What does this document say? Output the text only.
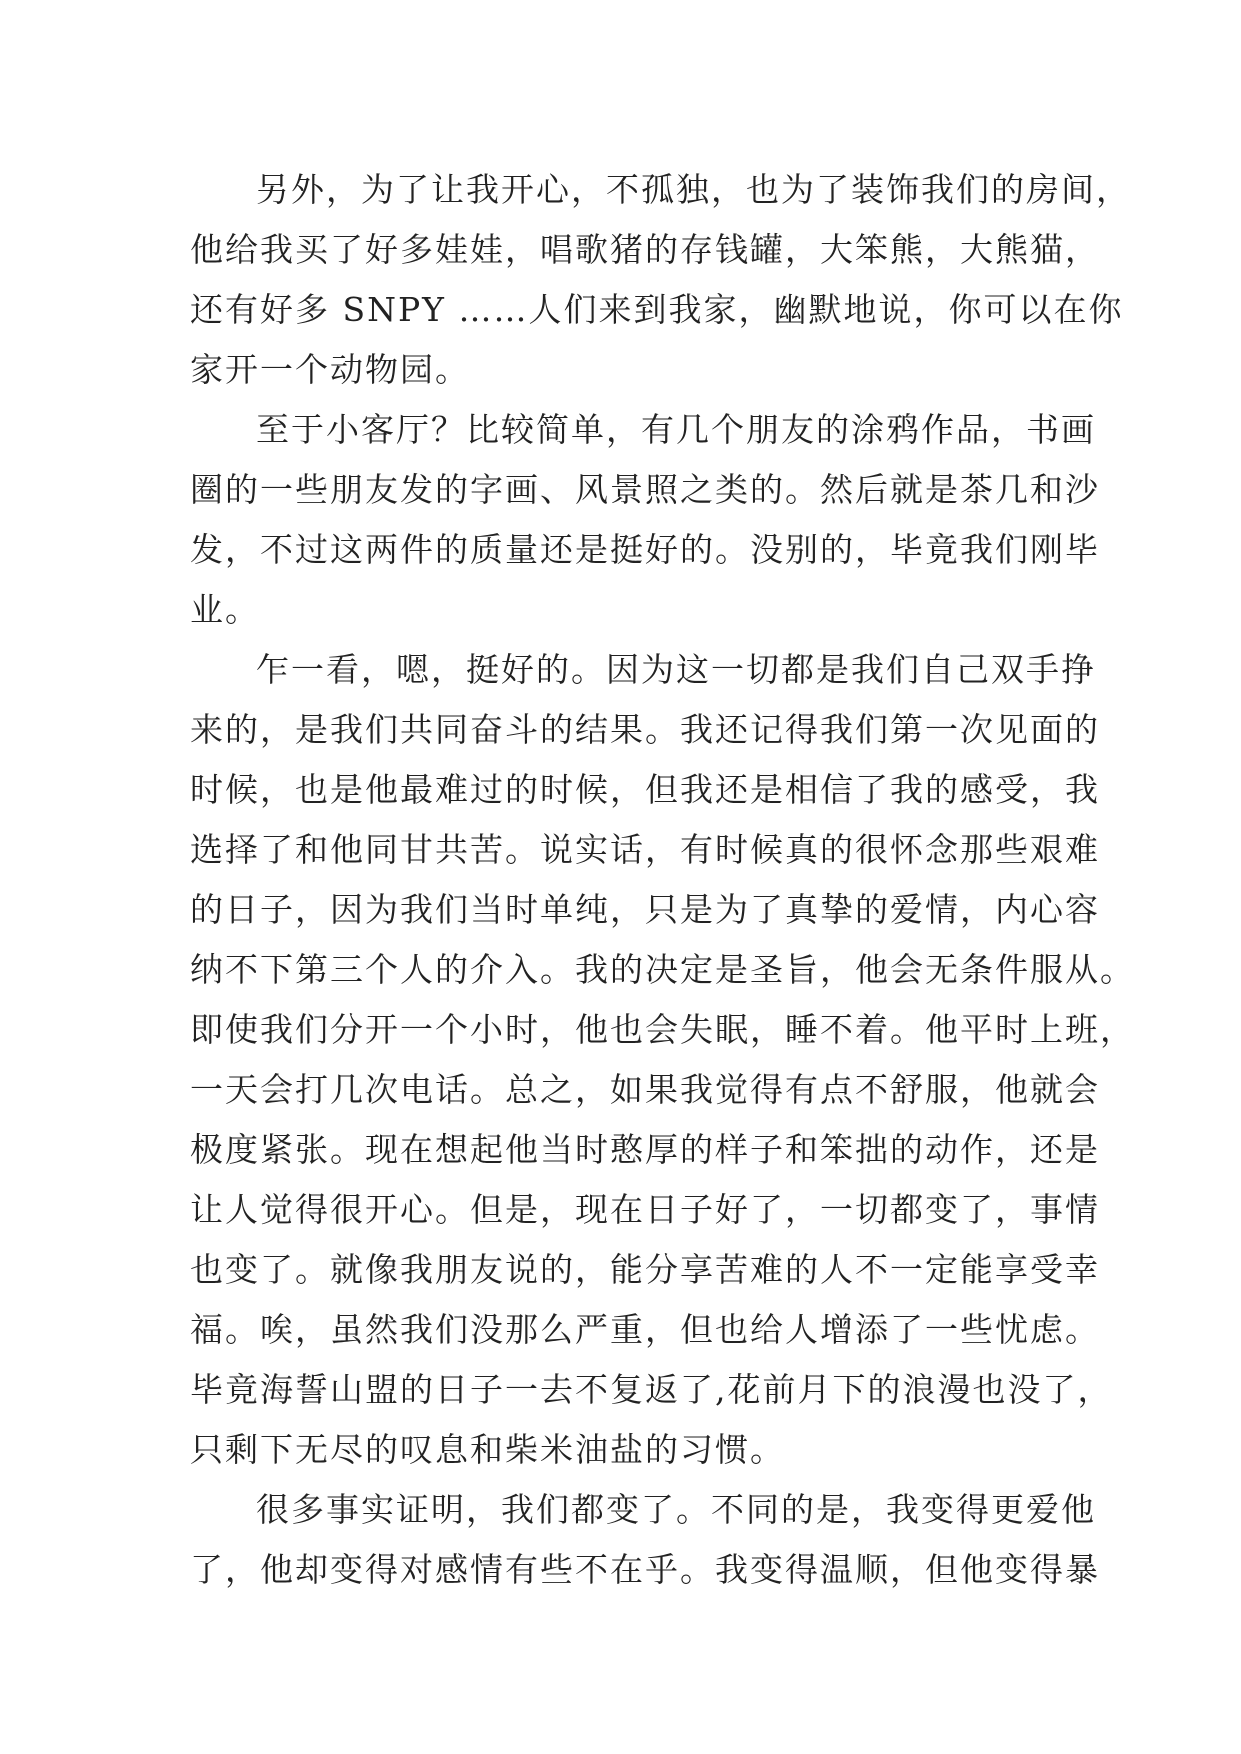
另外，为了让我开心，不孤独，也为了装饰我们的房间，
他给我买了好多娃娃，唱歌猪的存钱罐，大笨熊，大熊猫，
还有好多 SNPY ……人们来到我家，幽默地说，你可以在你
家开一个动物园。
至于小客厅？比较简单，有几个朋友的涂鸦作品，书画
圈的一些朋友发的字画、风景照之类的。然后就是茶几和沙
发，不过这两件的质量还是挺好的。没别的，毕竟我们刚毕
业。
乍一看，嗯，挺好的。因为这一切都是我们自己双手挣
来的，是我们共同奋斗的结果。我还记得我们第一次见面的
时候，也是他最难过的时候，但我还是相信了我的感受，我
选择了和他同甘共苦。说实话，有时候真的很怀念那些艰难
的日子，因为我们当时单纯，只是为了真挚的爱情，内心容
纳不下第三个人的介入。我的决定是圣旨，他会无条件服从。
即使我们分开一个小时，他也会失眠，睡不着。他平时上班，
一天会打几次电话。总之，如果我觉得有点不舒服，他就会
极度紧张。现在想起他当时憨厚的样子和笨拙的动作，还是
让人觉得很开心。但是，现在日子好了，一切都变了，事情
也变了。就像我朋友说的，能分享苦难的人不一定能享受幸
福。唉，虽然我们没那么严重，但也给人增添了一些忧虑。
毕竟海誓山盟的日子一去不复返了,花前月下的浪漫也没了，
只剩下无尽的叹息和柴米油盐的习惯。
很多事实证明，我们都变了。不同的是，我变得更爱他
了，他却变得对感情有些不在乎。我变得温顺，但他变得暴
